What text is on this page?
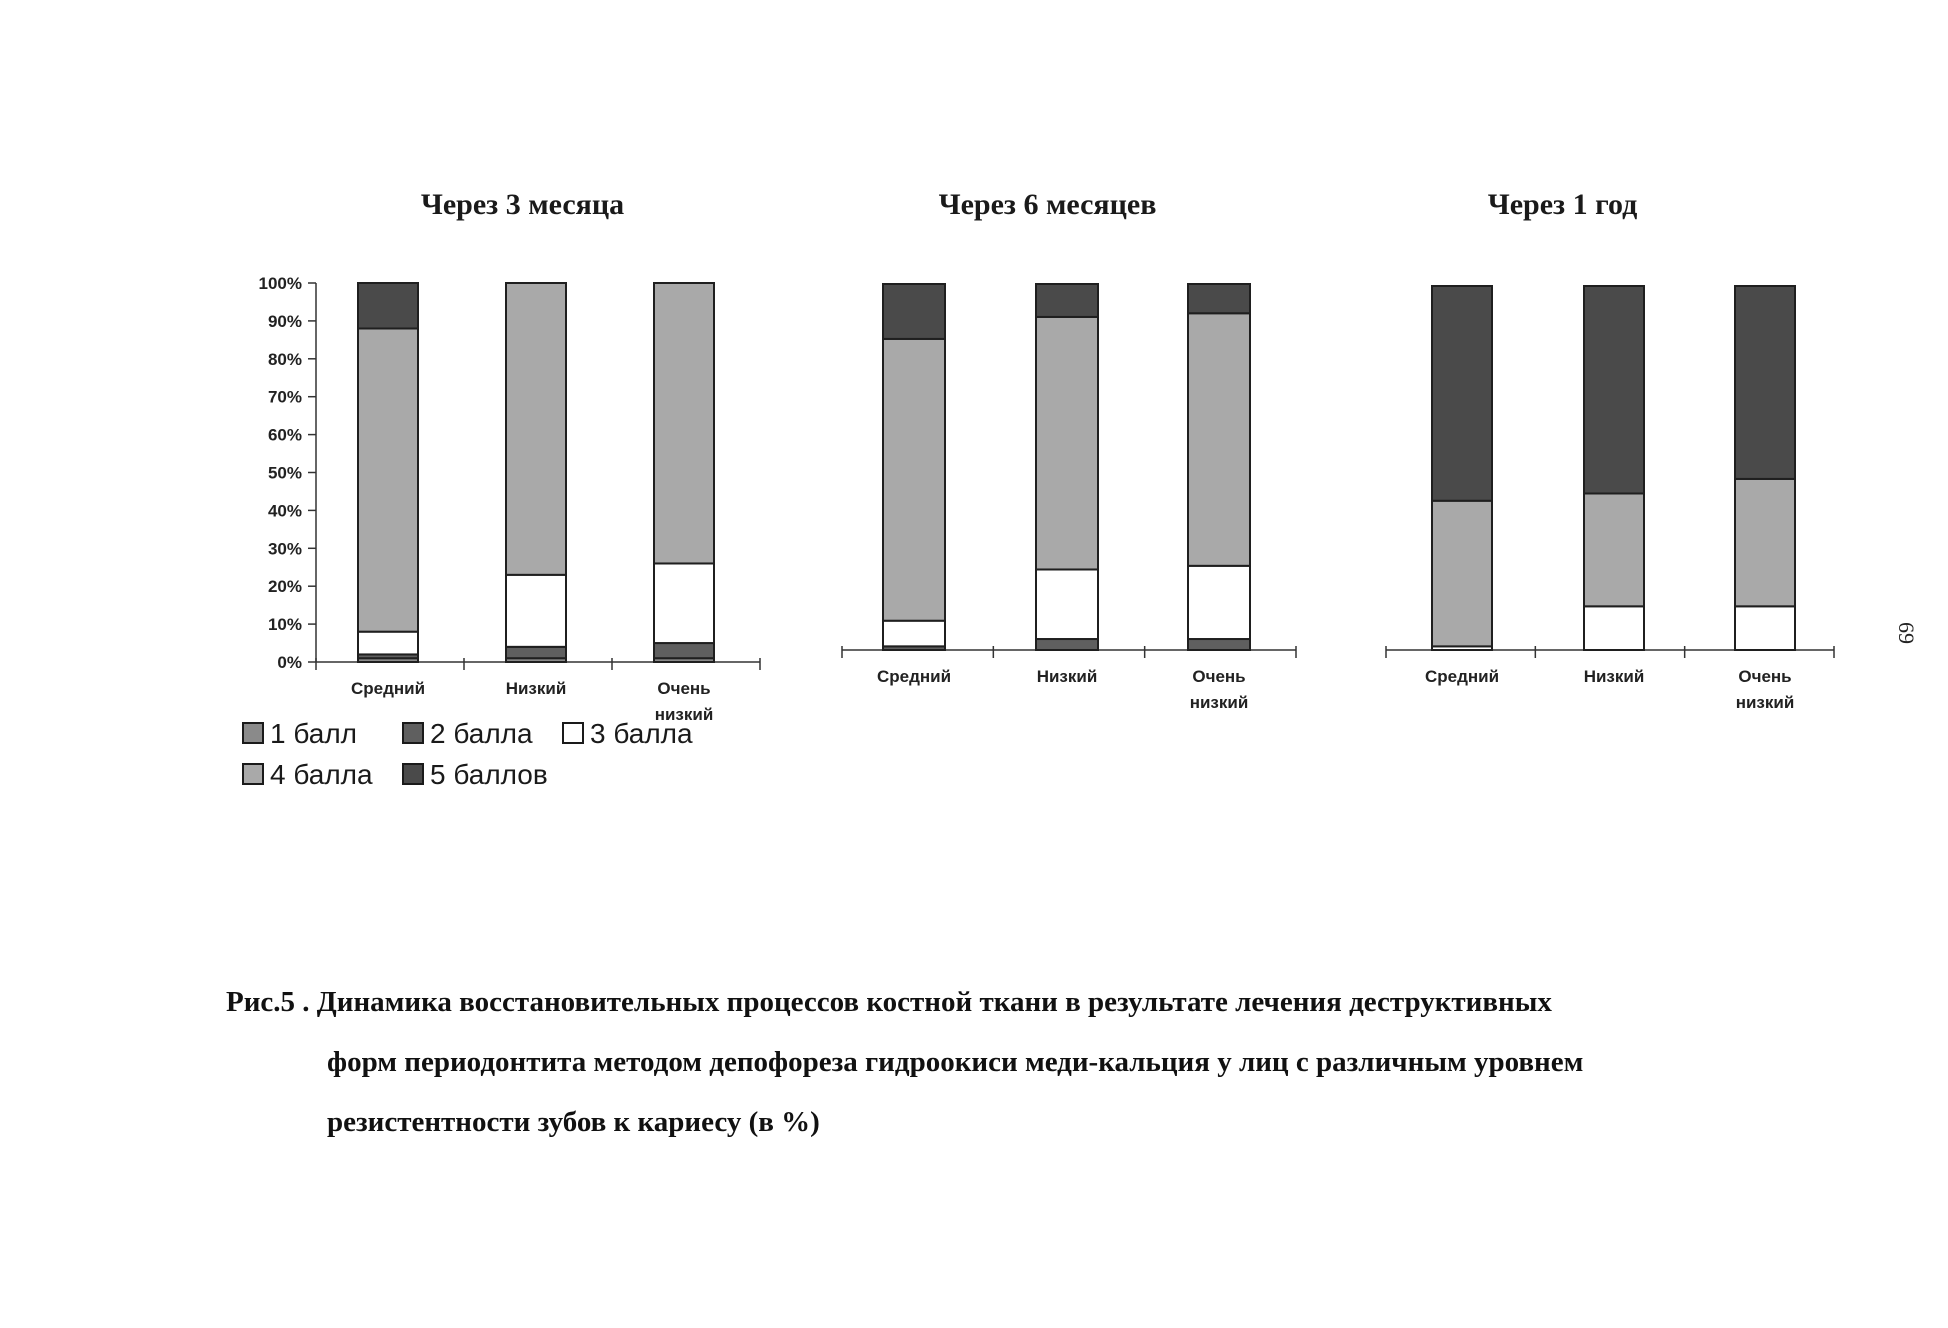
Через 3 месяца	Через 6 месяцев	Через 1 год
0%
10%
20%
30%
40%
50%
60%
70%
80%
90%
100%
Средний	Низкий	Очень
низкий
Средний	Низкий	Очень
низкий
Средний	Низкий	Очень
низкий
1 балл	2 балла	3 балла
4 балла	5 баллов
Рис.5 . Динамика восстановительных процессов костной ткани в результате лечения деструктивных
форм периодонтита методом депофореза гидроокиси меди-кальция у лиц с различным уровнем
резистентности зубов к кариесу (в %)
69
